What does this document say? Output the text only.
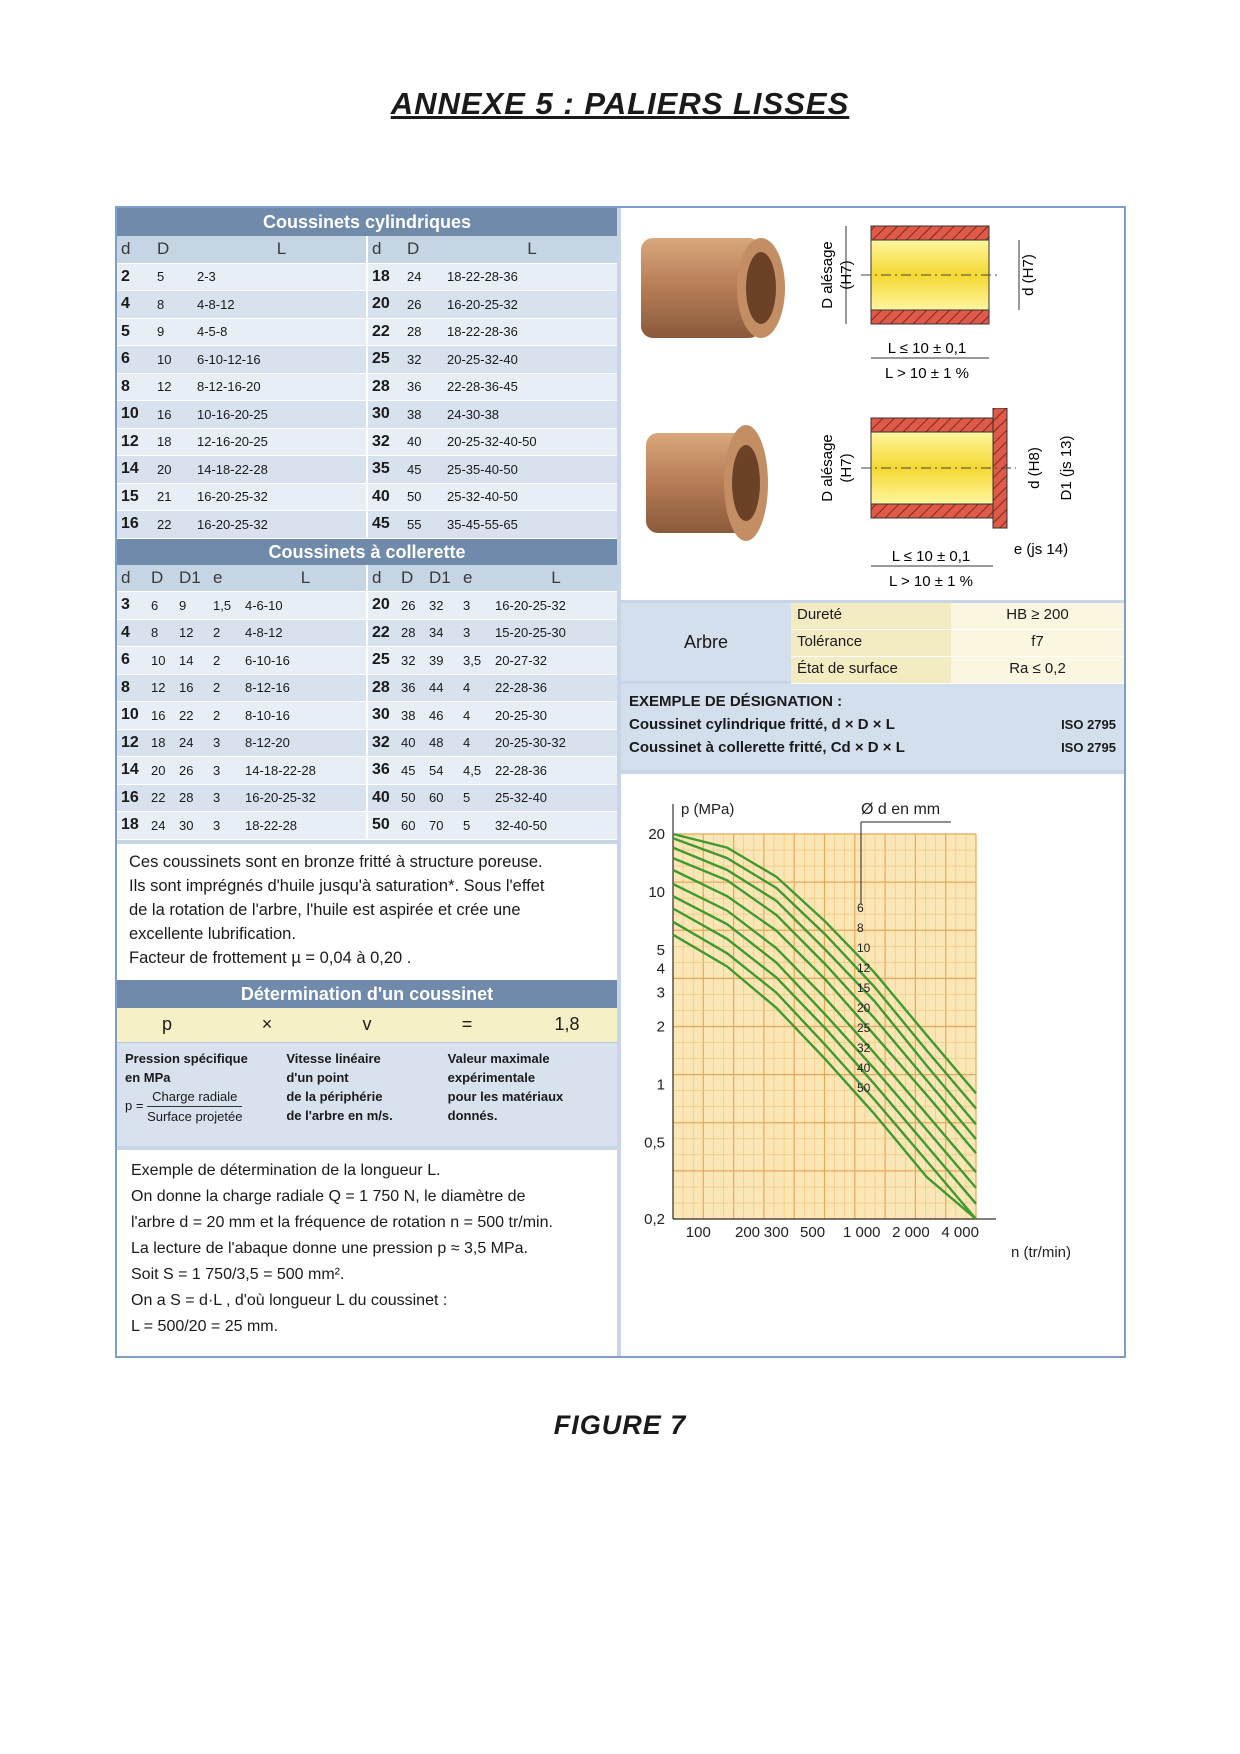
ANNEXE 5 : PALIERS LISSES
Coussinets cylindriques
d	D	L	d	D	L
2	5	2-3	18	24	18-22-28-36
4	8	4-8-12	20	26	16-20-25-32
5	9	4-5-8	22	28	18-22-28-36
6	10	6-10-12-16	25	32	20-25-32-40
8	12	8-12-16-20	28	36	22-28-36-45
10	16	10-16-20-25	30	38	24-30-38
12	18	12-16-20-25	32	40	20-25-32-40-50
14	20	14-18-22-28	35	45	25-35-40-50
15	21	16-20-25-32	40	50	25-32-40-50
16	22	16-20-25-32	45	55	35-45-55-65
Coussinets à collerette
d	D	D1	e	L	d	D	D1	e	L
3	6	9	1,5	4-6-10	20	26	32	3	16-20-25-32
4	8	12	2	4-8-12	22	28	34	3	15-20-25-30
6	10	14	2	6-10-16	25	32	39	3,5	20-27-32
8	12	16	2	8-12-16	28	36	44	4	22-28-36
10	16	22	2	8-10-16	30	38	46	4	20-25-30
12	18	24	3	8-12-20	32	40	48	4	20-25-30-32
14	20	26	3	14-18-22-28	36	45	54	4,5	22-28-36
16	22	28	3	16-20-25-32	40	50	60	5	25-32-40
18	24	30	3	18-22-28	50	60	70	5	32-40-50
Ces coussinets sont en bronze fritté à structure poreuse.
Ils sont imprégnés d'huile jusqu'à saturation*. Sous l'effet
de la rotation de l'arbre, l'huile est aspirée et crée une
excellente lubrification.
Facteur de frottement µ = 0,04 à 0,20 .
Détermination d'un coussinet
p	×	v	=	1,8
Pression spécifique
en MPa
$p = \frac{\text{Charge radiale}}{\text{Surface projetée}}$
Vitesse linéaire
d'un point
de la périphérie
de l'arbre en m/s.
Valeur maximale
expérimentale
pour les matériaux
donnés.
Exemple de détermination de la longueur L.
On donne la charge radiale Q = 1 750 N, le diamètre de
l'arbre d = 20 mm et la fréquence de rotation n = 500 tr/min.
La lecture de l'abaque donne une pression p ≈ 3,5 MPa.
Soit S = 1 750/3,5 = 500 mm².
On a S = d·L , d'où longueur L du coussinet :
L = 500/20 = 25 mm.
D alésage (H7)	d (H7)
L ≤ 10 ± 0,1
L > 10 ± 1 %
D alésage (H7)	d (H8) D1 (js 13)
e (js 14)
L ≤ 10 ± 0,1
L > 10 ± 1 %
Arbre
Dureté	HB ≥ 200
Tolérance	f7
État de surface	Ra ≤ 0,2
EXEMPLE DE DÉSIGNATION :
Coussinet cylindrique fritté, d × D × L	ISO 2795
Coussinet à collerette fritté, Cd × D × L	ISO 2795
20
10
5
4
3
2
1
0,5
0,2
100 200 300 500 1 000 2 000 4 000
p (MPa)
n (tr/min)
Ø d en mm
6
8
10
12
15
20
25
32
40
50
FIGURE 7
